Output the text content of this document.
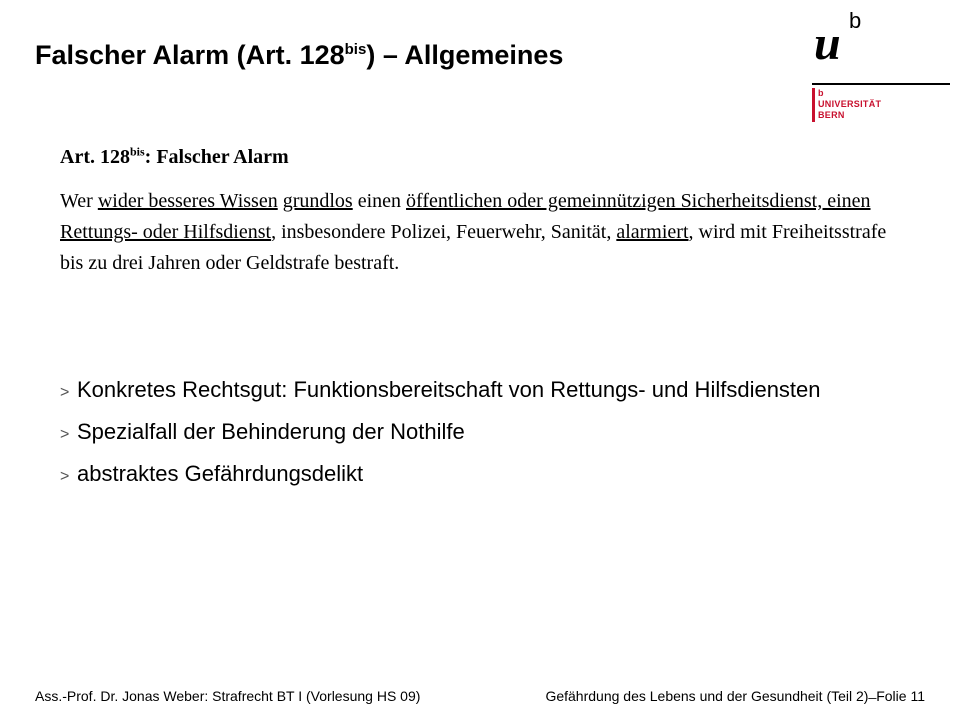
Falscher Alarm (Art. $128^{bis}$) – Allgemeines	u b
b
UNIVERSITÄT
BERN
Art. $128^{bis}$: Falscher Alarm
Wer wider besseres Wissen grundlos einen öffentlichen oder gemeinnützigen Sicherheitsdienst, einen Rettungs- oder Hilfsdienst, insbesondere Polizei, Feuerwehr, Sanität, alarmiert, wird mit Freiheitsstrafe bis zu drei Jahren oder Geldstrafe bestraft.
> Konkretes Rechtsgut: Funktionsbereitschaft von Rettungs- und Hilfsdiensten
> Spezialfall der Behinderung der Nothilfe
> abstraktes Gefährdungsdelikt
Ass.-Prof. Dr. Jonas Weber: Strafrecht BT I (Vorlesung HS 09)	Gefährdung des Lebens und der Gesundheit (Teil 2) ̶ Folie 11
